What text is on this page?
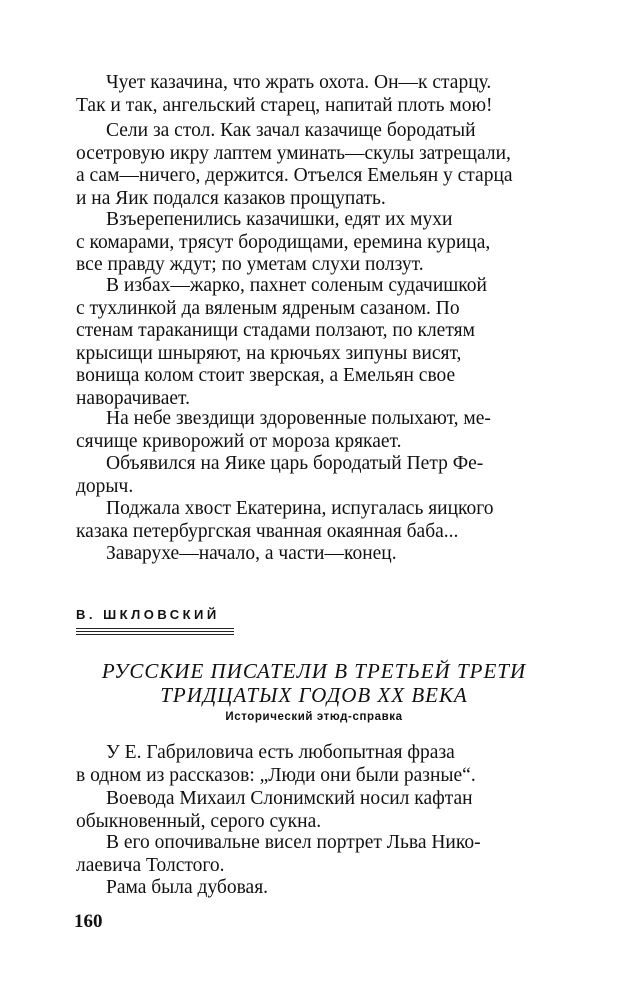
Чует казачина, что жрать охота. Он—к старцу.
Так и так, ангельский старец, напитай плоть мою!
Сели за стол. Как зачал казачище бородатый
осетровую икру лаптем уминать—скулы затрещали,
а сам—ничего, держится. Отъелся Емельян у старца
и на Яик подался казаков прощупать.
Взъерепенились казачишки, едят их мухи
с комарами, трясут бородищами, еремина курица,
все правду ждут; по уметам слухи ползут.
В избах—жарко, пахнет соленым судачишкой
с тухлинкой да вяленым ядреным сазаном. По
стенам тараканищи стадами ползают, по клетям
крысищи шныряют, на крючьях зипуны висят,
вонища колом стоит зверская, а Емельян свое
наворачивает.
На небе звездищи здоровенные полыхают, ме-
сячище криворожий от мороза крякает.
Объявился на Яике царь бородатый Петр Фе-
дорыч.
Поджала хвост Екатерина, испугалась яицкого
казака петербургская чванная окаянная баба...
Заварухе—начало, а части—конец.
В. ШКЛОВСКИЙ
РУССКИЕ ПИСАТЕЛИ В ТРЕТЬЕЙ ТРЕТИ
ТРИДЦАТЫХ ГОДОВ XX ВЕКА
Исторический этюд-справка
У Е. Габриловича есть любопытная фраза
в одном из рассказов: „Люди они были разные“.
Воевода Михаил Слонимский носил кафтан
обыкновенный, серого сукна.
В его опочивальне висел портрет Льва Нико-
лаевича Толстого.
Рама была дубовая.
160
